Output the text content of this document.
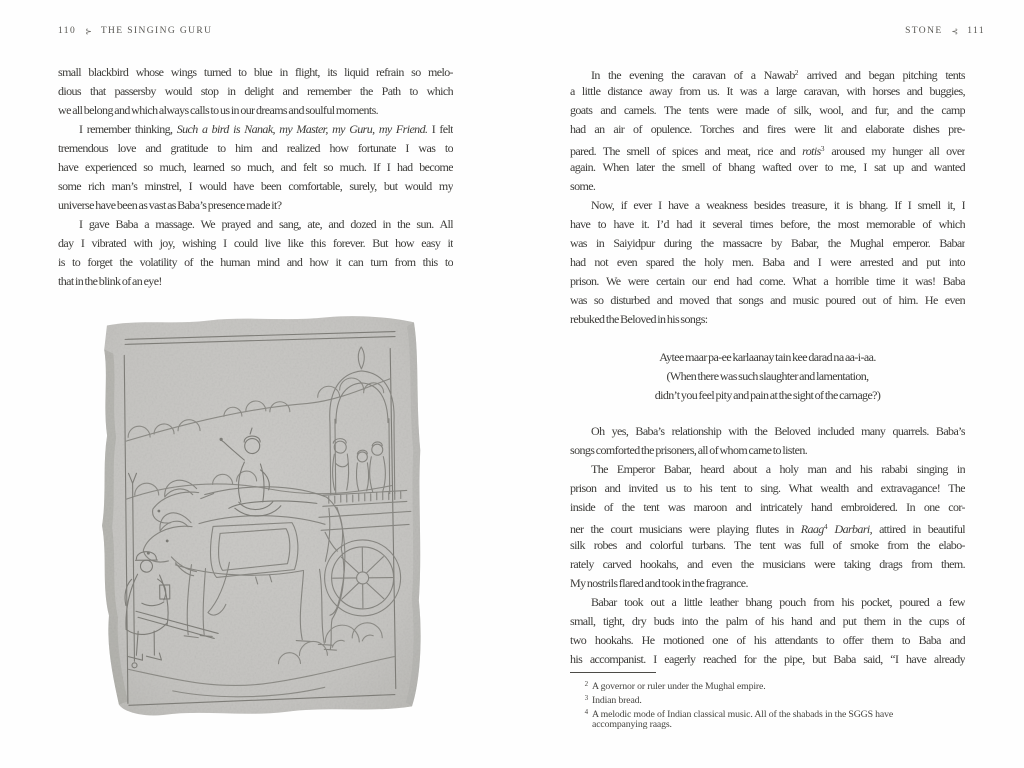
110 ⊱ THE SINGING GURU	STONE ⊰ 111
small blackbird whose wings turned to blue in flight, its liquid refrain so melo-
dious that passersby would stop in delight and remember the Path to which
we all belong and which always calls to us in our dreams and soulful moments.
I remember thinking, Such a bird is Nanak, my Master, my Guru, my Friend. I felt
tremendous love and gratitude to him and realized how fortunate I was to
have experienced so much, learned so much, and felt so much. If I had become
some rich man’s minstrel, I would have been comfortable, surely, but would my
universe have been as vast as Baba’s presence made it?
I gave Baba a massage. We prayed and sang, ate, and dozed in the sun. All
day I vibrated with joy, wishing I could live like this forever. But how easy it
is to forget the volatility of the human mind and how it can turn from this to
that in the blink of an eye!
In the evening the caravan of a Nawab$^2$ arrived and began pitching tents
a little distance away from us. It was a large caravan, with horses and buggies,
goats and camels. The tents were made of silk, wool, and fur, and the camp
had an air of opulence. Torches and fires were lit and elaborate dishes pre-
pared. The smell of spices and meat, rice and rotis$^3$ aroused my hunger all over
again. When later the smell of bhang wafted over to me, I sat up and wanted
some.
Now, if ever I have a weakness besides treasure, it is bhang. If I smell it, I
have to have it. I’d had it several times before, the most memorable of which
was in Saiyidpur during the massacre by Babar, the Mughal emperor. Babar
had not even spared the holy men. Baba and I were arrested and put into
prison. We were certain our end had come. What a horrible time it was! Baba
was so disturbed and moved that songs and music poured out of him. He even
rebuked the Beloved in his songs:
Aytee maar pa-ee karlaanay tain kee darad na aa-i-aa.
(When there was such slaughter and lamentation,
didn’t you feel pity and pain at the sight of the carnage?)
Oh yes, Baba’s relationship with the Beloved included many quarrels. Baba’s
songs comforted the prisoners, all of whom came to listen.
The Emperor Babar, heard about a holy man and his rababi singing in
prison and invited us to his tent to sing. What wealth and extravagance! The
inside of the tent was maroon and intricately hand embroidered. In one cor-
ner the court musicians were playing flutes in Raag$^4$ Darbari, attired in beautiful
silk robes and colorful turbans. The tent was full of smoke from the elabo-
rately carved hookahs, and even the musicians were taking drags from them.
My nostrils flared and took in the fragrance.
Babar took out a little leather bhang pouch from his pocket, poured a few
small, tight, dry buds into the palm of his hand and put them in the cups of
two hookahs. He motioned one of his attendants to offer them to Baba and
his accompanist. I eagerly reached for the pipe, but Baba said, “I have already
2 A governor or ruler under the Mughal empire.
3 Indian bread.
4 A melodic mode of Indian classical music. All of the shabads in the SGGS have accompanying raags.
